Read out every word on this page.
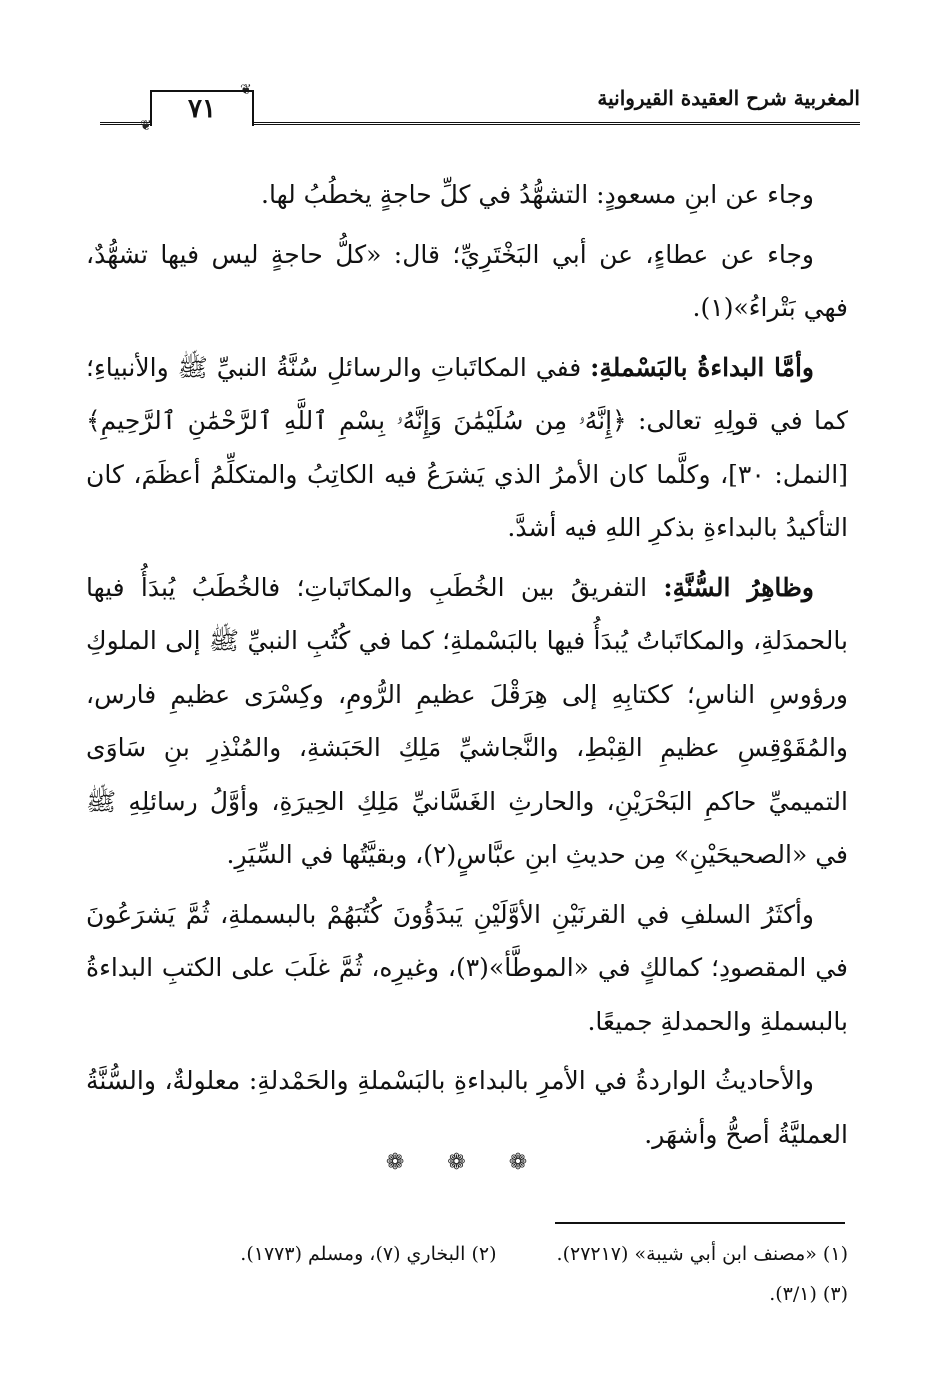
المغربية شرح العقيدة القيروانية
❦
❦
٧١

وجاء عن ابنِ مسعودٍ: التشهُّدُ في كلِّ حاجةٍ يخطُبُ لها.

وجاء عن عطاءٍ، عن أبي البَخْتَرِيِّ؛ قال: «كلُّ حاجةٍ ليس فيها تشهُّدٌ، فهي بَتْراءُ»(١).

وأمَّا البداءةُ بالبَسْملةِ: ففي المكاتَباتِ والرسائلِ سُنَّةُ النبيِّ ﷺ والأنبياءِ؛ كما في قولِهِ تعالى: ﴿إِنَّهُۥ مِن سُلَيْمَٰنَ وَإِنَّهُۥ بِسْمِ ٱللَّهِ ٱلرَّحْمَٰنِ ٱلرَّحِيمِ﴾ [النمل: ٣٠]، وكلَّما كان الأمرُ الذي يَشرَعُ فيه الكاتِبُ والمتكلِّمُ أعظَمَ، كان التأكيدُ بالبداءةِ بذكرِ اللهِ فيه أشدَّ.

وظاهِرُ السُّنَّةِ: التفريقُ بين الخُطَبِ والمكاتَباتِ؛ فالخُطَبُ يُبدَأُ فيها بالحمدَلةِ، والمكاتَباتُ يُبدَأُ فيها بالبَسْملةِ؛ كما في كُتُبِ النبيِّ ﷺ إلى الملوكِ ورؤوسِ الناسِ؛ ككتابِهِ إلى هِرَقْلَ عظيمِ الرُّومِ، وكِسْرَى عظيمِ فارس، والمُقَوْقِسِ عظيمِ القِبْطِ، والنَّجاشيِّ مَلِكِ الحَبَشةِ، والمُنْذِرِ بنِ سَاوَى التميميِّ حاكمِ البَحْرَيْنِ، والحارثِ الغَسَّانيِّ مَلِكِ الحِيرَةِ، وأوَّلُ رسائلِهِ ﷺ في «الصحيحَيْنِ» مِن حديثِ ابنِ عبَّاسٍ(٢)، وبقيَّتُها في السِّيَرِ.

وأكثَرُ السلفِ في القرنَيْنِ الأوَّلَيْنِ يَبدَؤُونَ كُتُبَهُمْ بالبسملةِ، ثُمَّ يَشرَعُونَ في المقصودِ؛ كمالكٍ في «الموطَّأ»(٣)، وغيرِه، ثُمَّ غلَبَ على الكتبِ البداءةُ بالبسملةِ والحمدلةِ جميعًا.

والأحاديثُ الواردةُ في الأمرِ بالبداءةِ بالبَسْملةِ والحَمْدلةِ: معلولةٌ، والسُّنَّةُ العمليَّةُ أصحُّ وأشهَر.

❁ ❁ ❁
(١) «مصنف ابن أبي شيبة» (٢٧٢١٧).
(٢) البخاري (٧)، ومسلم (١٧٧٣).
(٣) (٣/١).
